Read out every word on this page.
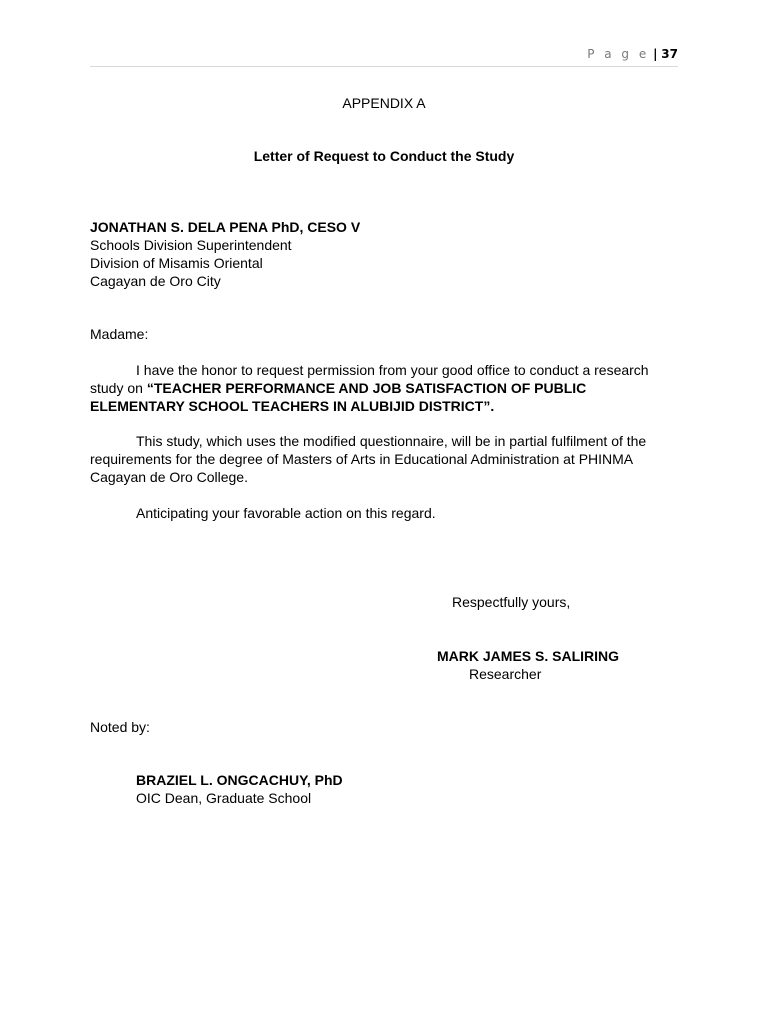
P a g e | 37
APPENDIX A
Letter of Request to Conduct the Study
JONATHAN S. DELA PENA PhD, CESO V
Schools Division Superintendent
Division of Misamis Oriental
Cagayan de Oro City
Madame:
I have the honor to request permission from your good office to conduct a research study on “TEACHER PERFORMANCE AND JOB SATISFACTION OF PUBLIC ELEMENTARY SCHOOL TEACHERS IN ALUBIJID DISTRICT”.
This study, which uses the modified questionnaire, will be in partial fulfilment of the requirements for the degree of Masters of Arts in Educational Administration at PHINMA Cagayan de Oro College.
Anticipating your favorable action on this regard.
Respectfully yours,
MARK JAMES S. SALIRING
Researcher
Noted by:
BRAZIEL L. ONGCACHUY, PhD
OIC Dean, Graduate School
